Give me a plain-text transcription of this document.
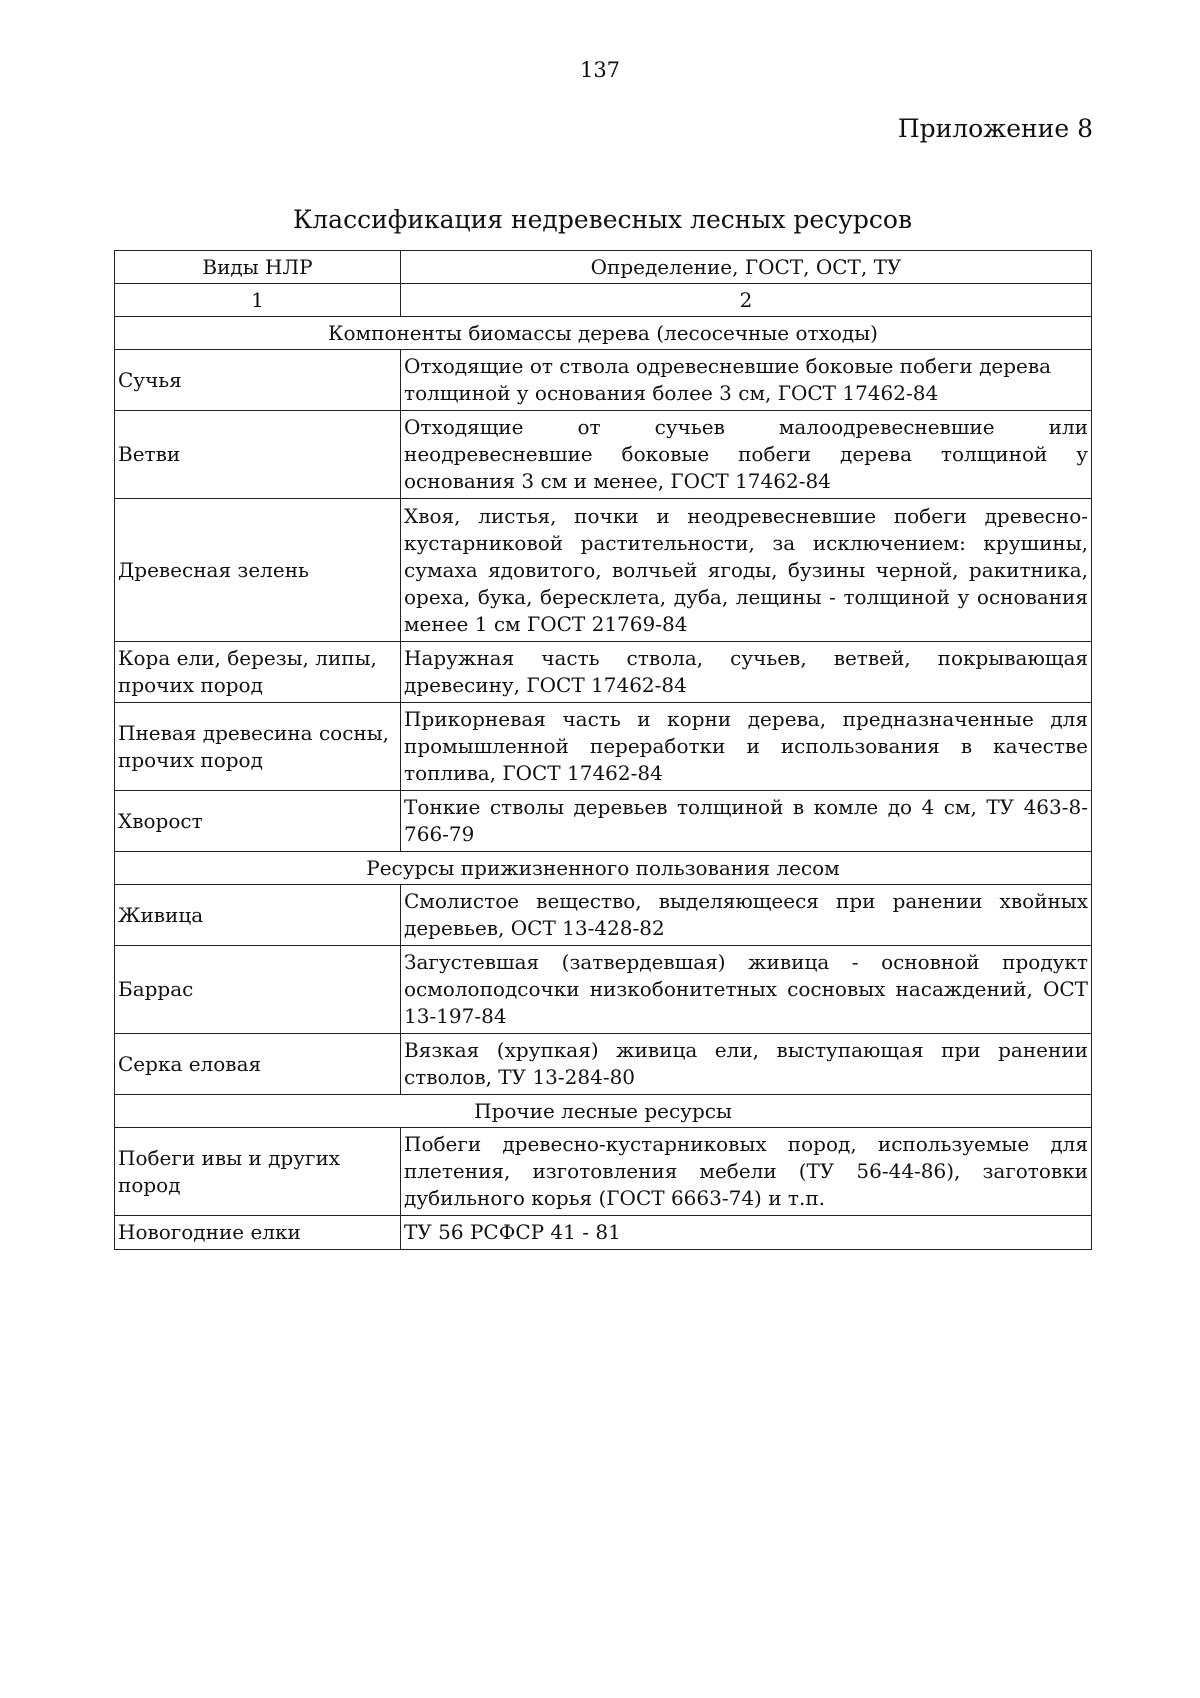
137
Приложение 8
Классификация недревесных лесных ресурсов
Виды НЛР	Определение, ГОСТ, ОСТ, ТУ
1	2
Компоненты биомассы дерева (лесосечные отходы)	
Сучья	Отходящие от ствола одревесневшие боковые побеги дерева толщиной у основания более 3 см, ГОСТ 17462-84
Ветви	Отходящие от сучьев малоодревесневшие или неодревесневшие боковые побеги дерева толщиной у основания 3 см и менее, ГОСТ 17462-84
Древесная зелень	Хвоя, листья, почки и неодревесневшие побеги древесно-кустарниковой растительности, за исключением: крушины, сумаха ядовитого, волчьей ягоды, бузины черной, ракитника, ореха, бука, бересклета, дуба, лещины - толщиной у основания менее 1 см ГОСТ 21769-84
Кора ели, березы, липы, прочих пород	Наружная часть ствола, сучьев, ветвей, покрывающая древесину, ГОСТ 17462-84
Пневая древесина сосны, прочих пород	Прикорневая часть и корни дерева, предназначенные для промышленной переработки и использования в качестве топлива, ГОСТ 17462-84
Хворост	Тонкие стволы деревьев толщиной в комле до 4 см, ТУ 463-8-766-79
Ресурсы прижизненного пользования лесом	
Живица	Смолистое вещество, выделяющееся при ранении хвойных деревьев, ОСТ 13-428-82
Баррас	Загустевшая (затвердевшая) живица - основной продукт осмолоподсочки низкобонитетных сосновых насаждений, ОСТ 13-197-84
Серка еловая	Вязкая (хрупкая) живица ели, выступающая при ранении стволов, ТУ 13-284-80
Прочие лесные ресурсы	
Побеги ивы и других пород	Побеги древесно-кустарниковых пород, используемые для плетения, изготовления мебели (ТУ 56-44-86), заготовки дубильного корья (ГОСТ 6663-74) и т.п.
Новогодние елки	ТУ 56 РСФСР 41 - 81
